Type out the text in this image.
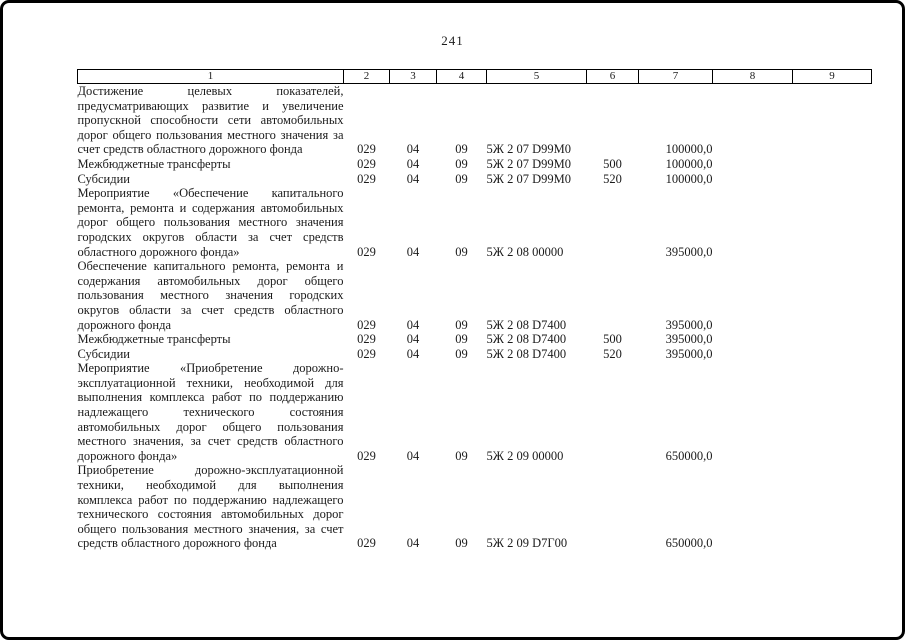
241
1	2	3	4	5	6	7	8	9
Достижение целевых показателей, предусматривающих развитие и увеличение пропускной способности сети автомобильных дорог общего пользования местного значения за счет средств областного дорожного фонда	029	04	09	5Ж 2 07 D99М0		100000,0		
Межбюджетные трансферты	029	04	09	5Ж 2 07 D99М0	500	100000,0		
Субсидии	029	04	09	5Ж 2 07 D99М0	520	100000,0		
Мероприятие «Обеспечение капитального ремонта, ремонта и содержания автомобильных дорог общего пользования местного значения городских округов области за счет средств областного дорожного фонда»	029	04	09	5Ж 2 08 00000		395000,0		
Обеспечение капитального ремонта, ремонта и содержания автомобильных дорог общего пользования местного значения городских округов области за счет средств областного дорожного фонда	029	04	09	5Ж 2 08 D7400		395000,0		
Межбюджетные трансферты	029	04	09	5Ж 2 08 D7400	500	395000,0		
Субсидии	029	04	09	5Ж 2 08 D7400	520	395000,0		
Мероприятие «Приобретение дорожно-эксплуатационной техники, необходимой для выполнения комплекса работ по поддержанию надлежащего технического состояния автомобильных дорог общего пользования местного значения, за счет средств областного дорожного фонда»	029	04	09	5Ж 2 09 00000		650000,0		
Приобретение дорожно-эксплуатационной техники, необходимой для выполнения комплекса работ по поддержанию надлежащего технического состояния автомобильных дорог общего пользования местного значения, за счет средств областного дорожного фонда	029	04	09	5Ж 2 09 D7Г00		650000,0		
